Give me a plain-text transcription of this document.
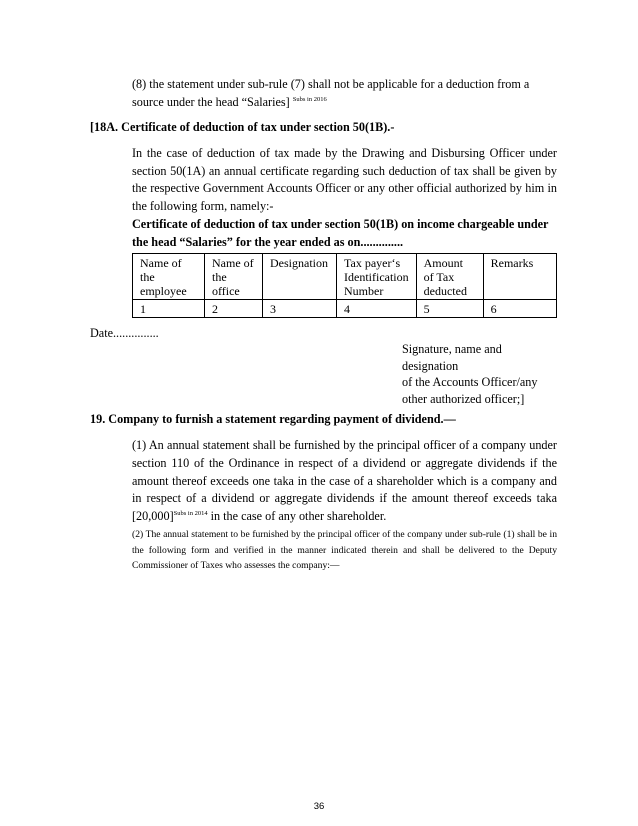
(8) the statement under sub-rule (7) shall not be applicable for a deduction from a
source under the head “Salaries] $^{Subs in 2016}$
[18A. Certificate of deduction of tax under section 50(1B).-
In the case of deduction of tax made by the Drawing and Disbursing Officer under section 50(1A) an annual certificate regarding such deduction of tax shall be given by the respective Government Accounts Officer or any other official authorized by him in the following form, namely:-
Certificate of deduction of tax under section 50(1B) on income chargeable under the head “Salaries” for the year ended as on..............
Name of the employee	Name of the office	Designation	Tax payer‘s Identification Number	Amount of Tax deducted	Remarks
1	2	3	4	5	6
Date...............
Signature, name and
designation
of the Accounts Officer/any
other authorized officer;]
19. Company to furnish a statement regarding payment of dividend.—
(1) An annual statement shall be furnished by the principal officer of a company under section 110 of the Ordinance in respect of a dividend or aggregate dividends if the amount thereof exceeds one taka in the case of a shareholder which is a company and in respect of a dividend or aggregate dividends if the amount thereof exceeds taka $[20,000]^{Subs in 2014}$ in the case of any other shareholder.
(2) The annual statement to be furnished by the principal officer of the company under sub-rule (1) shall be in the following form and verified in the manner indicated therein and shall be delivered to the Deputy Commissioner of Taxes who assesses the company:—
36
